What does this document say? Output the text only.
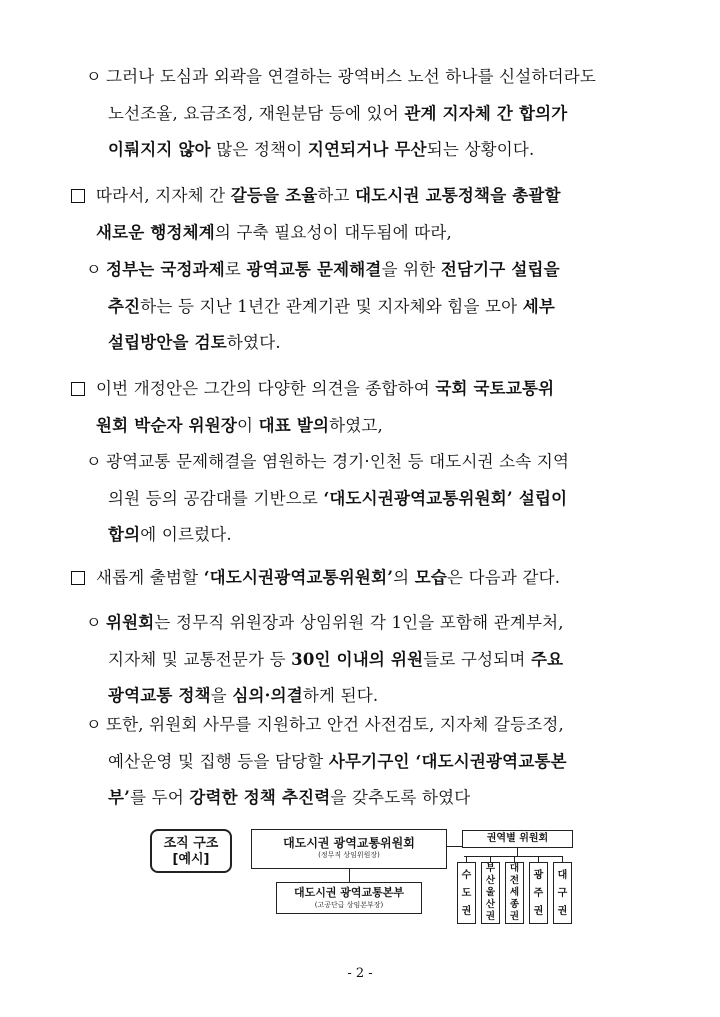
ㅇ 그러나 도심과 외곽을 연결하는 광역버스 노선 하나를 신설하더라도
노선조율, 요금조정, 재원분담 등에 있어 관계 지자체 간 합의가
이뤄지지 않아 많은 정책이 지연되거나 무산되는 상황이다.
따라서, 지자체 간 갈등을 조율하고 대도시권 교통정책을 총괄할
새로운 행정체계의 구축 필요성이 대두됨에 따라,
ㅇ 정부는 국정과제로 광역교통 문제해결을 위한 전담기구 설립을
추진하는 등 지난 1년간 관계기관 및 지자체와 힘을 모아 세부
설립방안을 검토하였다.
이번 개정안은 그간의 다양한 의견을 종합하여 국회 국토교통위
원회 박순자 위원장이 대표 발의하였고,
ㅇ 광역교통 문제해결을 염원하는 경기·인천 등 대도시권 소속 지역
의원 등의 공감대를 기반으로 ‘대도시권광역교통위원회’ 설립이
합의에 이르렀다.
새롭게 출범할 ‘대도시권광역교통위원회’의 모습은 다음과 같다.
ㅇ 위원회는 정무직 위원장과 상임위원 각 1인을 포함해 관계부처,
지자체 및 교통전문가 등 30인 이내의 위원들로 구성되며 주요
광역교통 정책을 심의·의결하게 된다.
ㅇ 또한, 위원회 사무를 지원하고 안건 사전검토, 지자체 갈등조정,
예산운영 및 집행 등을 담당할 사무기구인 ‘대도시권광역교통본
부’를 두어 강력한 정책 추진력을 갖추도록 하였다
조직 구조
[예시]
대도시권 광역교통위원회
(정무직 상임위원장)
대도시권 광역교통본부
(고공단급 상임본부장)
권역별 위원회
수도권
부산울산권
대전세종권
광주권
대구권
- 2 -
